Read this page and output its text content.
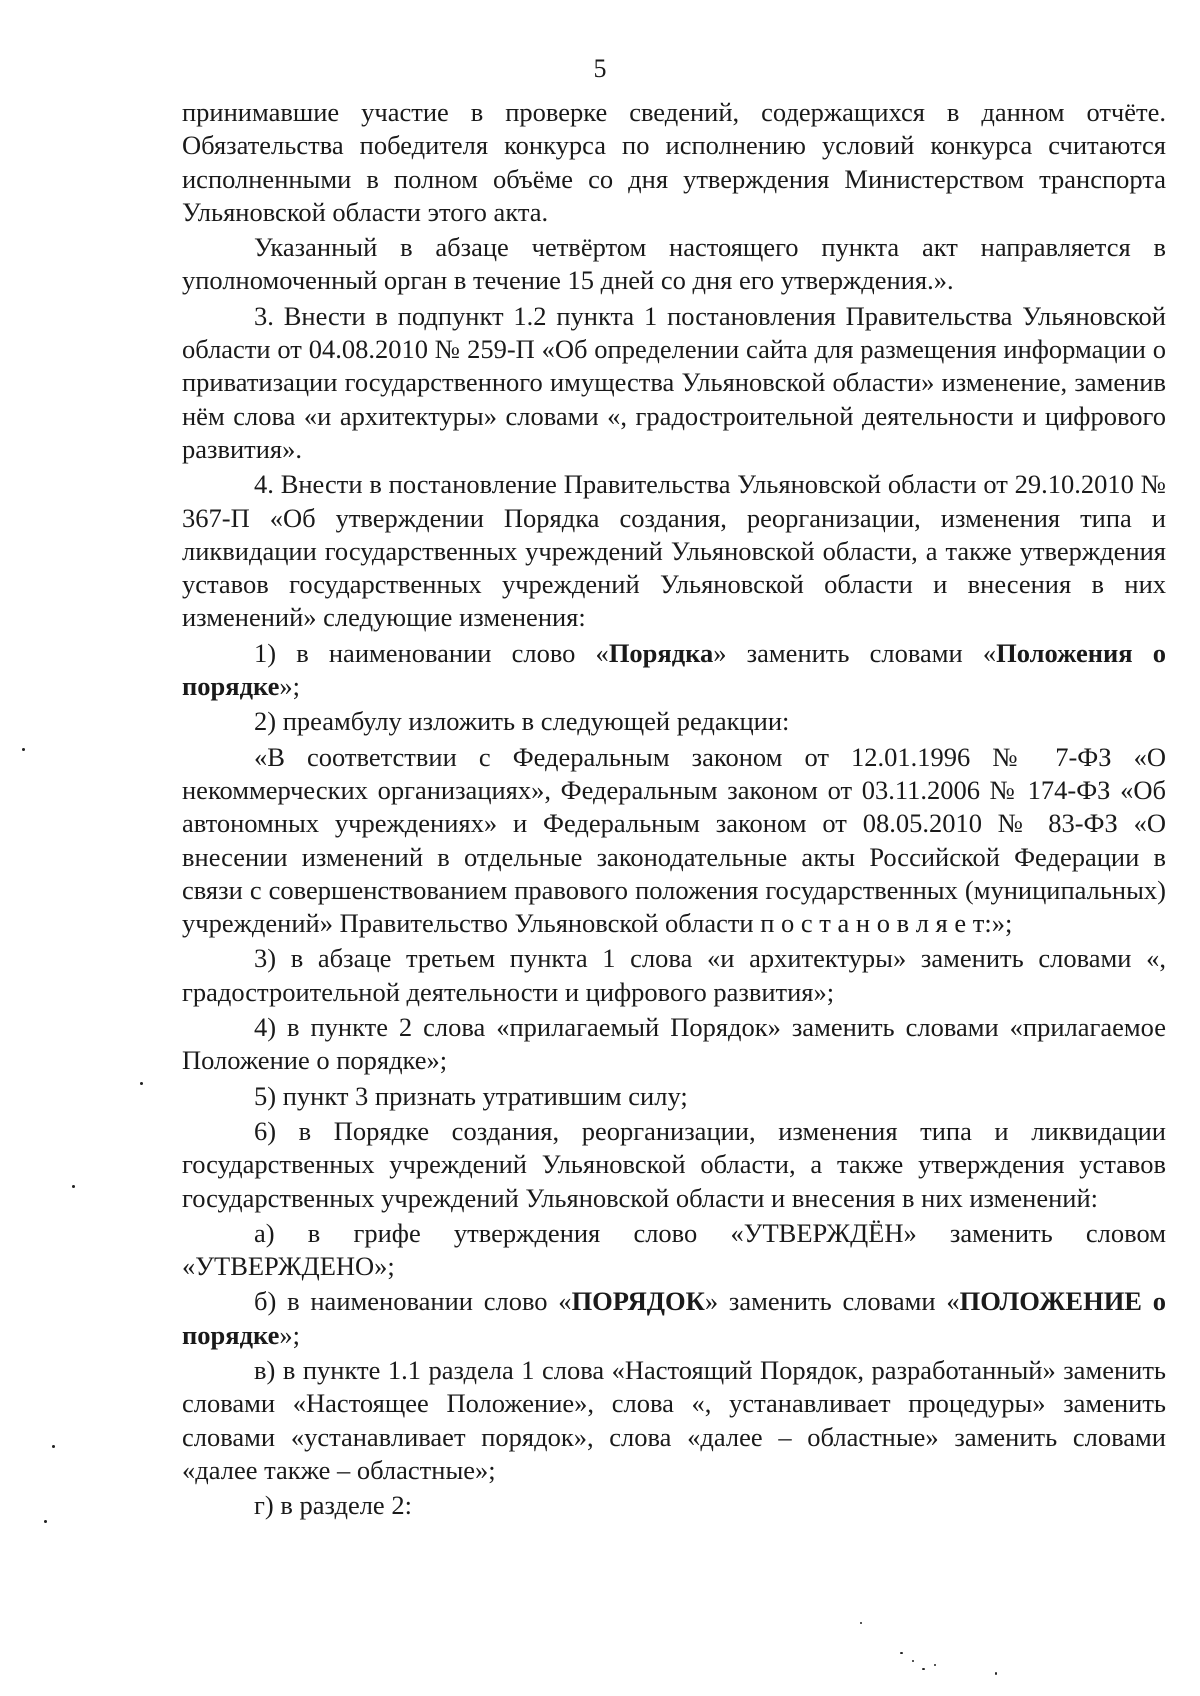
5

принимавшие участие в проверке сведений, содержащихся в данном отчёте. Обязательства победителя конкурса по исполнению условий конкурса считаются исполненными в полном объёме со дня утверждения Министерством транспорта Ульяновской области этого акта.

Указанный в абзаце четвёртом настоящего пункта акт направляется в уполномоченный орган в течение 15 дней со дня его утверждения.».

3. Внести в подпункт 1.2 пункта 1 постановления Правительства Ульяновской области от 04.08.2010 № 259-П «Об определении сайта для размещения информации о приватизации государственного имущества Ульяновской области» изменение, заменив нём слова «и архитектуры» словами «, градостроительной деятельности и цифрового развития».

4. Внести в постановление Правительства Ульяновской области от 29.10.2010 № 367-П «Об утверждении Порядка создания, реорганизации, изменения типа и ликвидации государственных учреждений Ульяновской области, а также утверждения уставов государственных учреждений Ульяновской области и внесения в них изменений» следующие изменения:

1) в наименовании слово «Порядка» заменить словами «Положения о порядке»;

2) преамбулу изложить в следующей редакции:

«В соответствии с Федеральным законом от 12.01.1996 № 7-ФЗ «О некоммерческих организациях», Федеральным законом от 03.11.2006 № 174-ФЗ «Об автономных учреждениях» и Федеральным законом от 08.05.2010 № 83-ФЗ «О внесении изменений в отдельные законодательные акты Российской Федерации в связи с совершенствованием правового положения государственных (муниципальных) учреждений» Правительство Ульяновской области п о с т а н о в л я е т:»;

3) в абзаце третьем пункта 1 слова «и архитектуры» заменить словами «, градостроительной деятельности и цифрового развития»;

4) в пункте 2 слова «прилагаемый Порядок» заменить словами «прилагаемое Положение о порядке»;

5) пункт 3 признать утратившим силу;

6) в Порядке создания, реорганизации, изменения типа и ликвидации государственных учреждений Ульяновской области, а также утверждения уставов государственных учреждений Ульяновской области и внесения в них изменений:

а) в грифе утверждения слово «УТВЕРЖДЁН» заменить словом «УТВЕРЖДЕНО»;

б) в наименовании слово «ПОРЯДОК» заменить словами «ПОЛОЖЕНИЕ о порядке»;

в) в пункте 1.1 раздела 1 слова «Настоящий Порядок, разработанный» заменить словами «Настоящее Положение», слова «, устанавливает процедуры» заменить словами «устанавливает порядок», слова «далее – областные» заменить словами «далее также – областные»;

г) в разделе 2:
